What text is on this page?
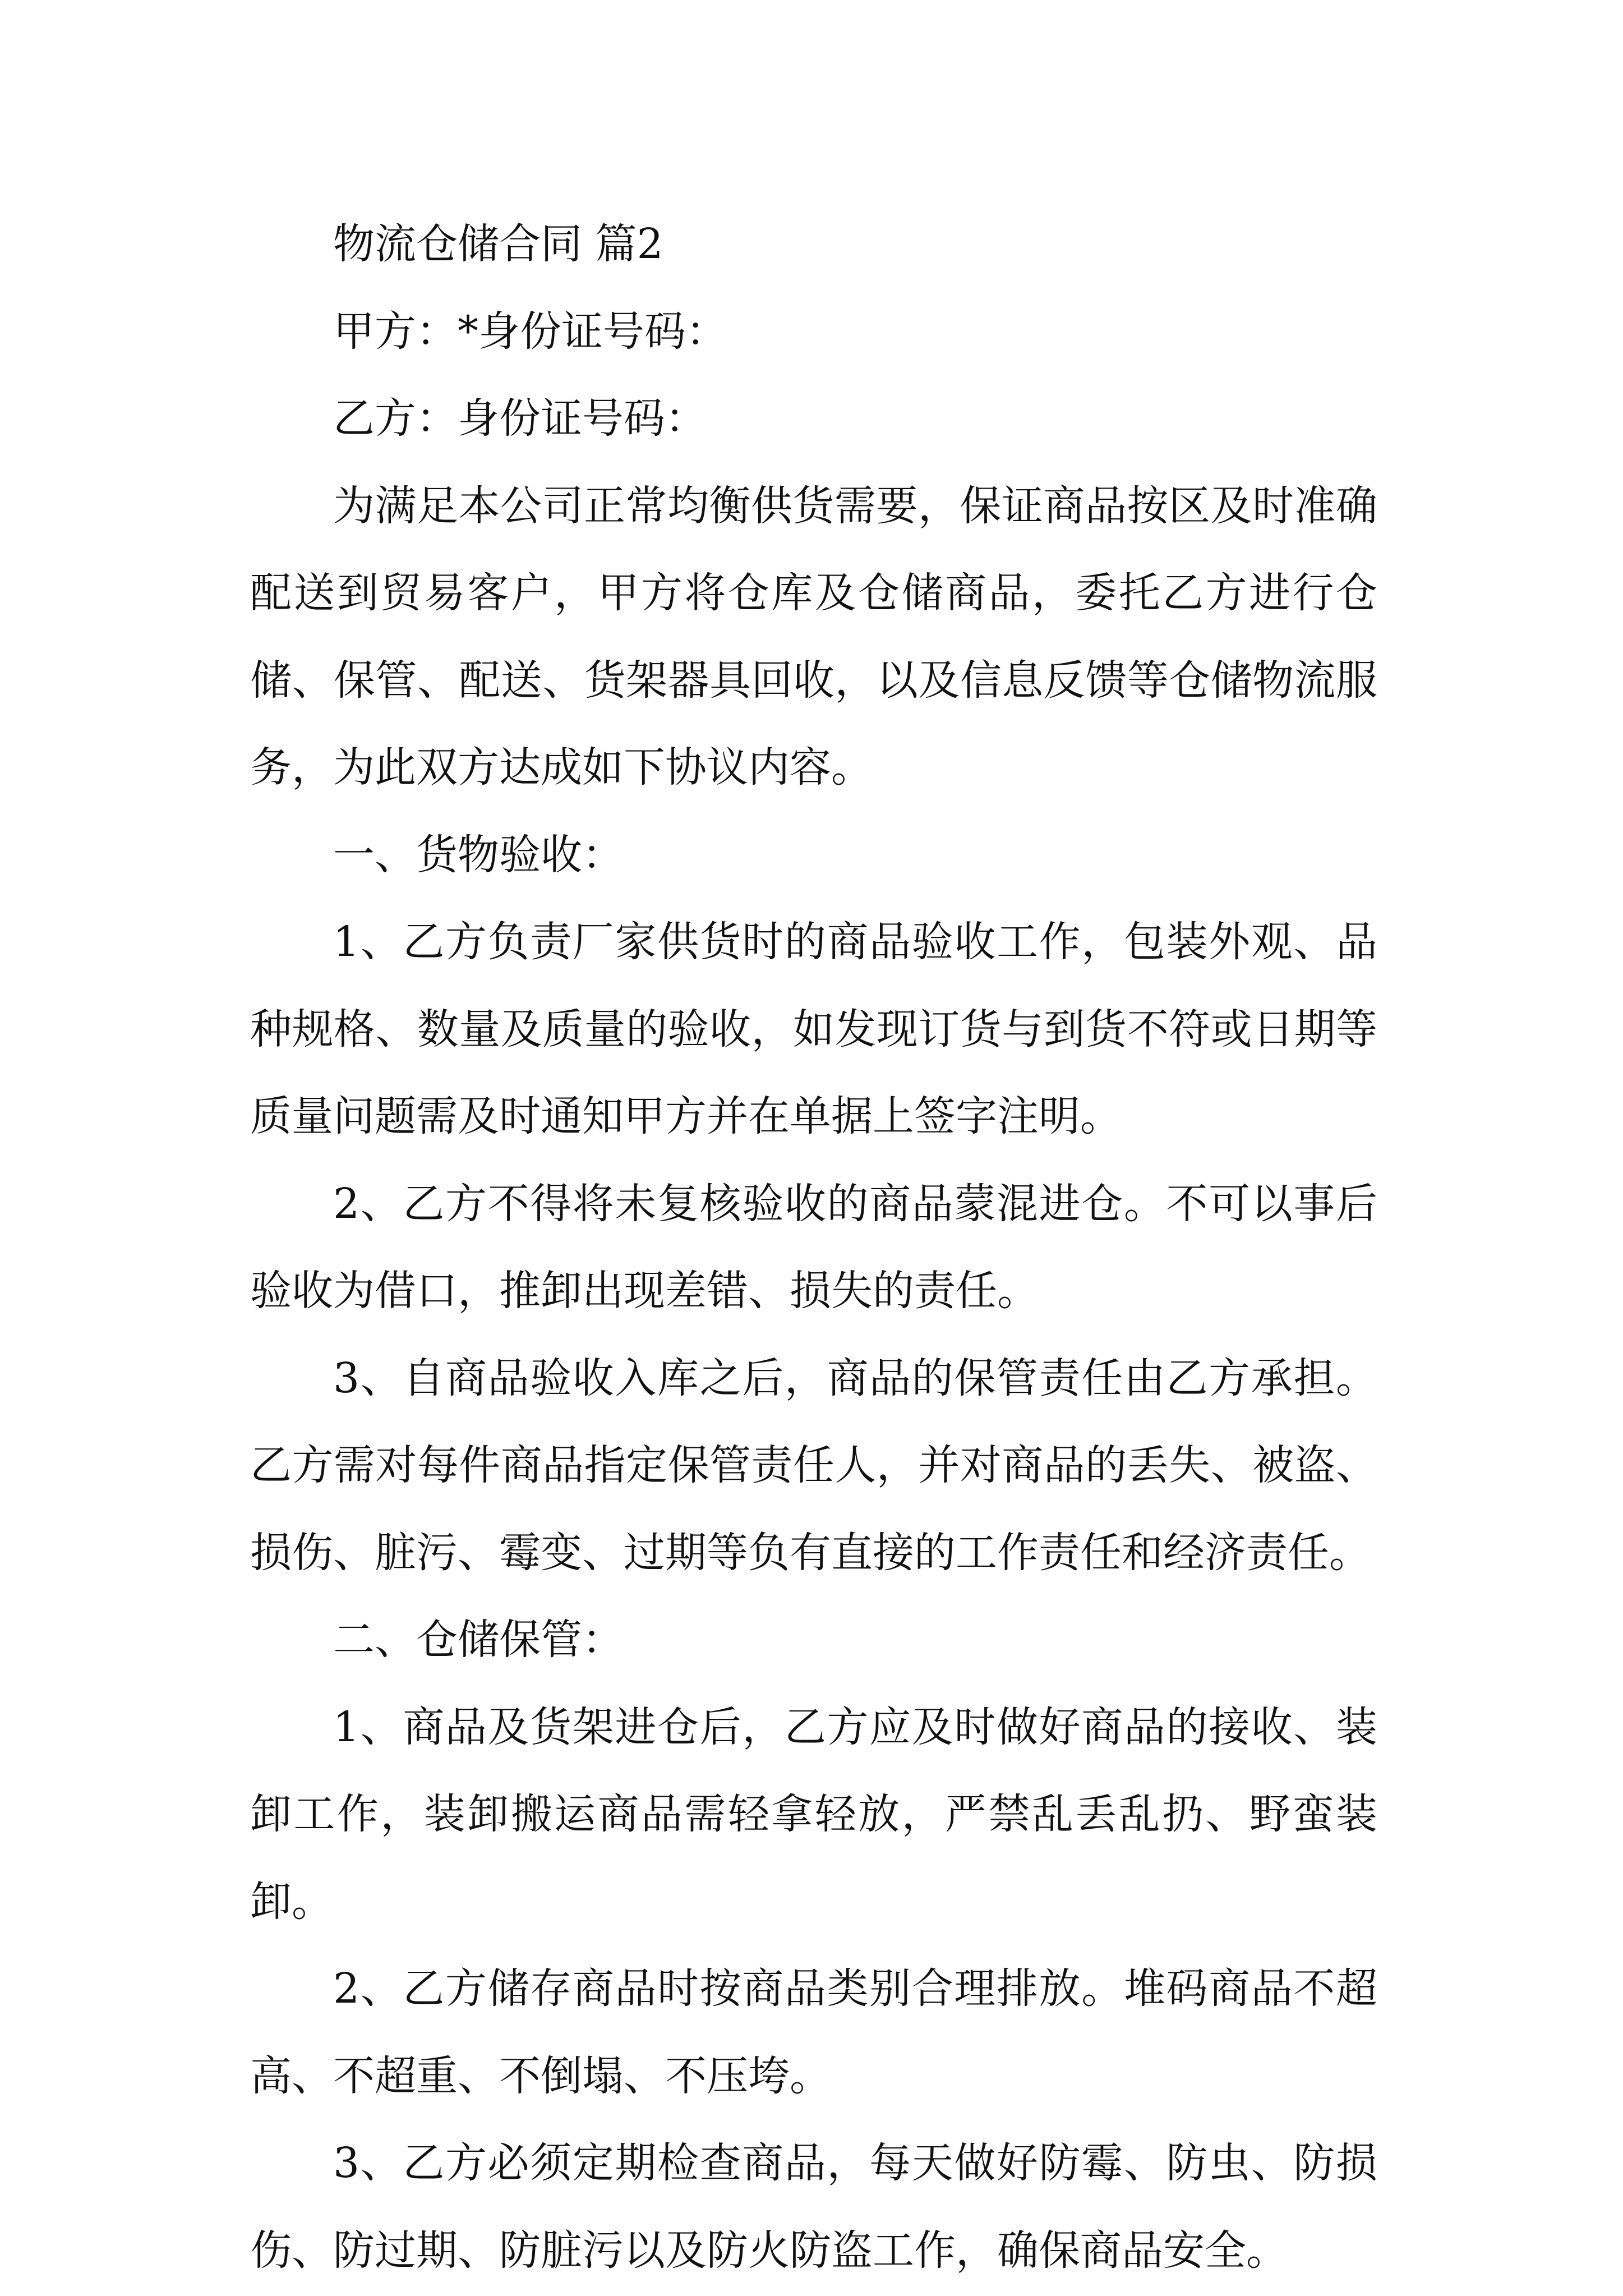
物流仓储合同 篇2

甲方：*身份证号码：

乙方：身份证号码：

为满足本公司正常均衡供货需要，保证商品按区及时准确配送到贸易客户，甲方将仓库及仓储商品，委托乙方进行仓储、保管、配送、货架器具回收，以及信息反馈等仓储物流服务，为此双方达成如下协议内容。

一、货物验收：

1、乙方负责厂家供货时的商品验收工作，包装外观、品种规格、数量及质量的验收，如发现订货与到货不符或日期等质量问题需及时通知甲方并在单据上签字注明。

2、乙方不得将未复核验收的商品蒙混进仓。不可以事后验收为借口，推卸出现差错、损失的责任。

3、自商品验收入库之后，商品的保管责任由乙方承担。乙方需对每件商品指定保管责任人，并对商品的丢失、被盗、损伤、脏污、霉变、过期等负有直接的工作责任和经济责任。

二、仓储保管：

1、商品及货架进仓后，乙方应及时做好商品的接收、装卸工作，装卸搬运商品需轻拿轻放，严禁乱丢乱扔、野蛮装卸。

2、乙方储存商品时按商品类别合理排放。堆码商品不超高、不超重、不倒塌、不压垮。

3、乙方必须定期检查商品，每天做好防霉、防虫、防损伤、防过期、防脏污以及防火防盗工作，确保商品安全。
